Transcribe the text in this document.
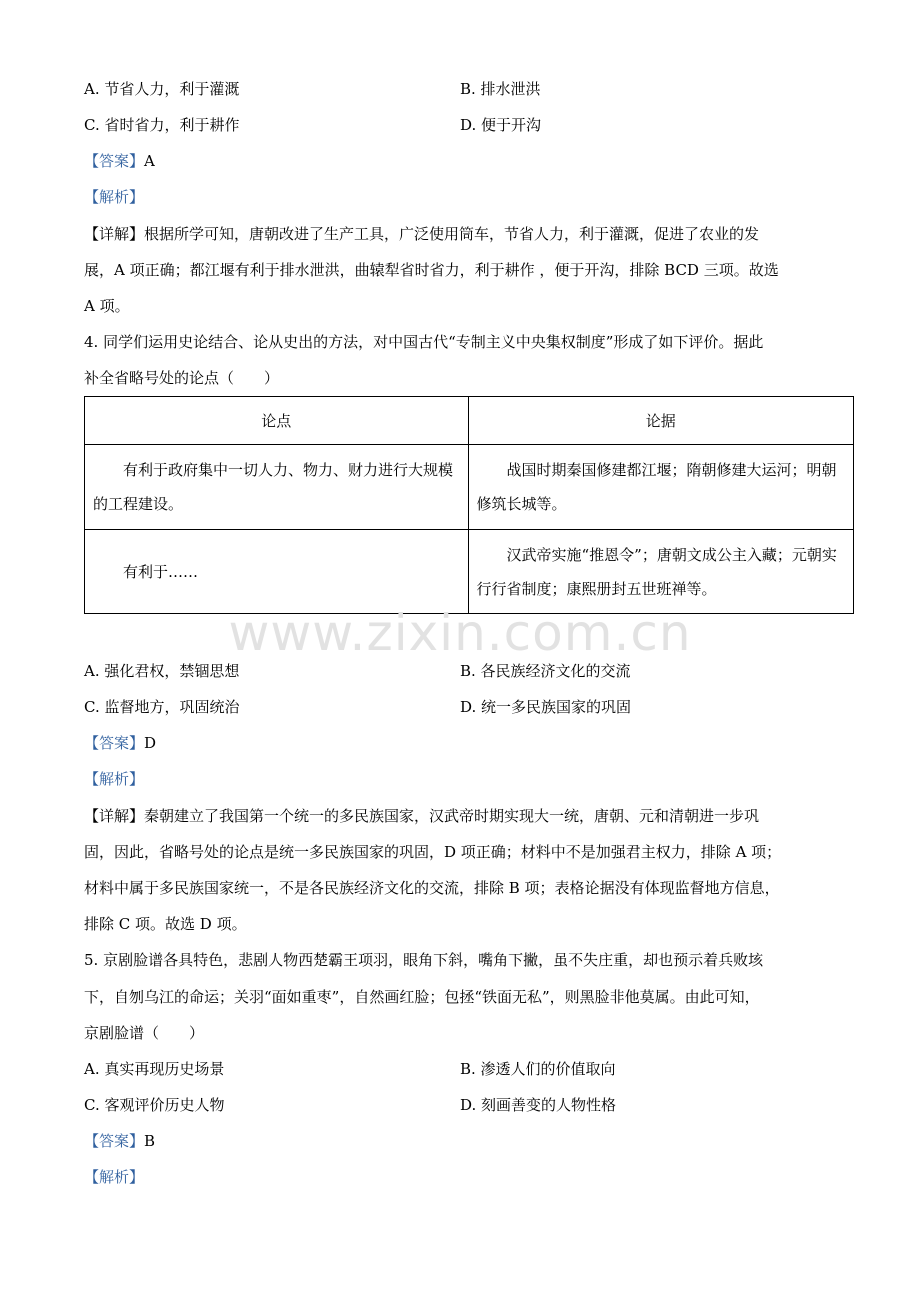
A. 节省人力，利于灌溉	B. 排水泄洪
C. 省时省力，利于耕作	D. 便于开沟
【答案】A
【解析】
【详解】根据所学可知，唐朝改进了生产工具，广泛使用筒车，节省人力，利于灌溉，促进了农业的发
展，A 项正确；都江堰有利于排水泄洪，曲辕犁省时省力，利于耕作 ，便于开沟，排除 BCD 三项。故选
A 项。
4. 同学们运用史论结合、论从史出的方法，对中国古代“专制主义中央集权制度”形成了如下评价。据此
补全省略号处的论点（　　）
论点	论据
有利于政府集中一切人力、物力、财力进行大规模的工程建设。	战国时期秦国修建都江堰；隋朝修建大运河；明朝修筑长城等。
有利于……	汉武帝实施“推恩令”；唐朝文成公主入藏；元朝实行行省制度；康熙册封五世班禅等。
www.zixin.com.cn
A. 强化君权，禁锢思想	B. 各民族经济文化的交流
C. 监督地方，巩固统治	D. 统一多民族国家的巩固
【答案】D
【解析】
【详解】秦朝建立了我国第一个统一的多民族国家，汉武帝时期实现大一统，唐朝、元和清朝进一步巩
固，因此，省略号处的论点是统一多民族国家的巩固，D 项正确；材料中不是加强君主权力，排除 A 项；
材料中属于多民族国家统一，不是各民族经济文化的交流，排除 B 项；表格论据没有体现监督地方信息，
排除 C 项。故选 D 项。
5. 京剧脸谱各具特色，悲剧人物西楚霸王项羽，眼角下斜，嘴角下撇，虽不失庄重，却也预示着兵败垓
下，自刎乌江的命运；关羽“面如重枣”，自然画红脸；包拯“铁面无私”，则黑脸非他莫属。由此可知，
京剧脸谱（　　）
A. 真实再现历史场景	B. 渗透人们的价值取向
C. 客观评价历史人物	D. 刻画善变的人物性格
【答案】B
【解析】
